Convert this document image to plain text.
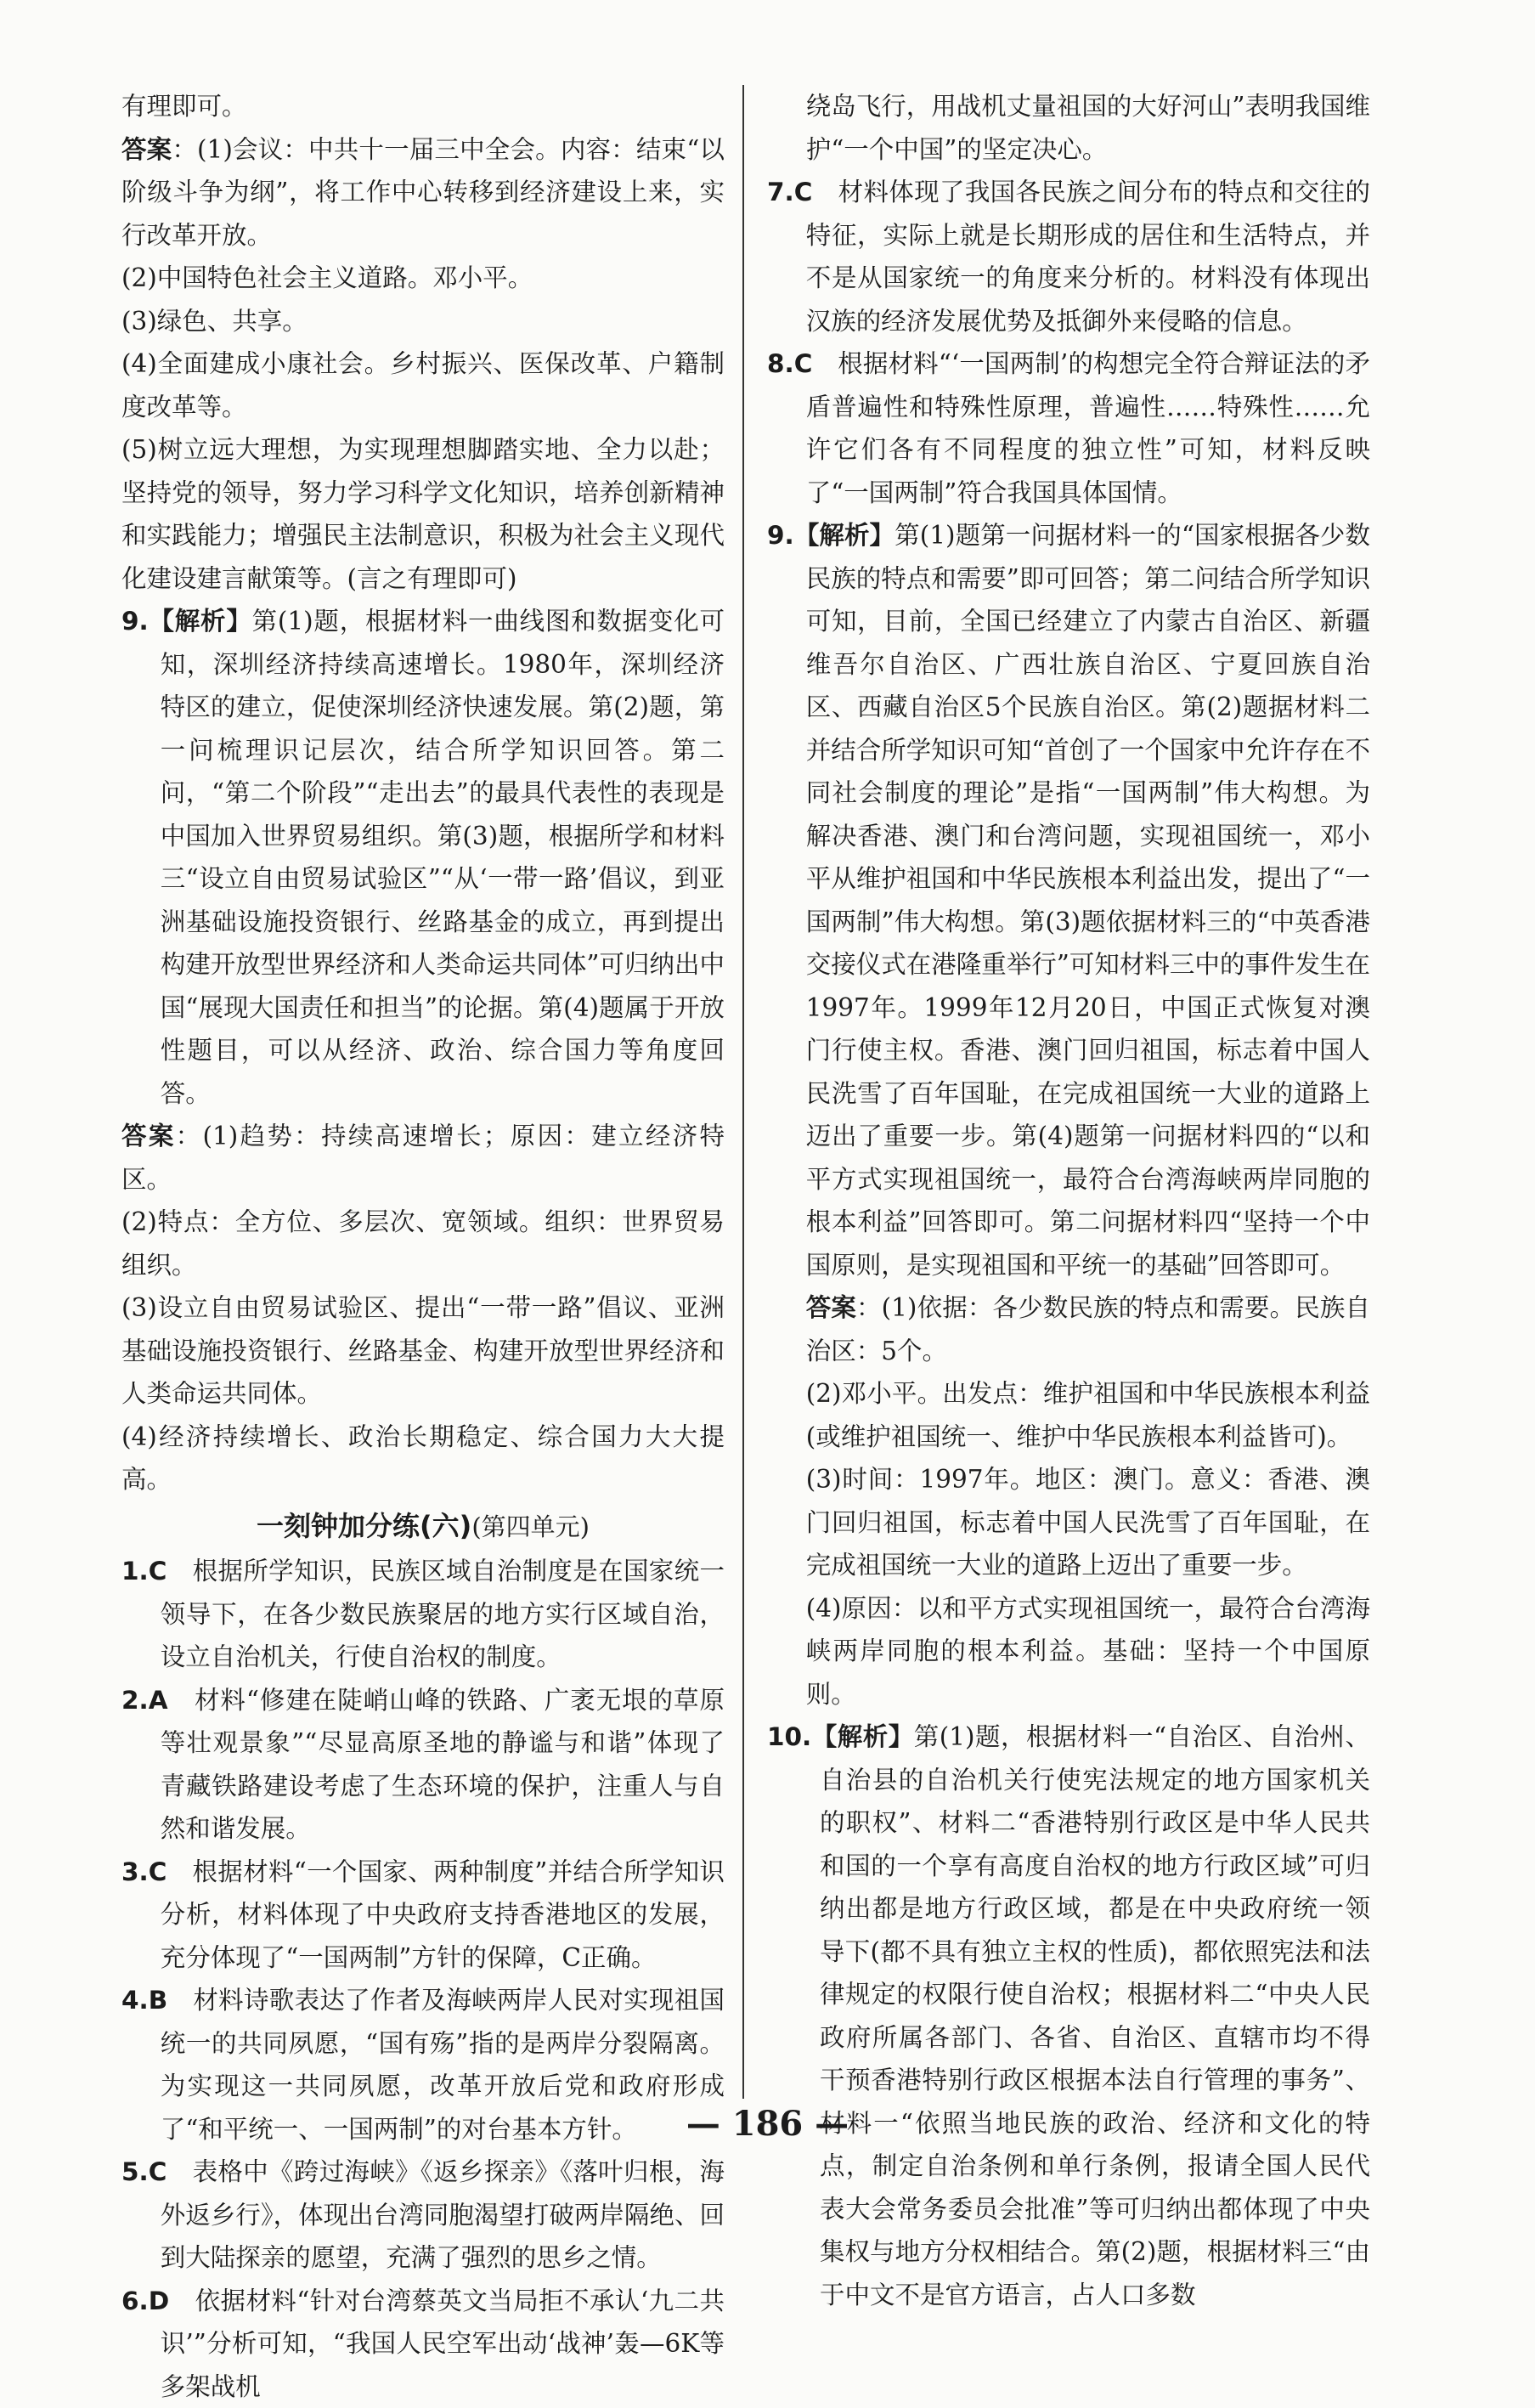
有理即可。

答案：(1)会议：中共十一届三中全会。内容：结束“以阶级斗争为纲”，将工作中心转移到经济建设上来，实行改革开放。

(2)中国特色社会主义道路。邓小平。

(3)绿色、共享。

(4)全面建成小康社会。乡村振兴、医保改革、户籍制度改革等。

(5)树立远大理想，为实现理想脚踏实地、全力以赴；坚持党的领导，努力学习科学文化知识，培养创新精神和实践能力；增强民主法制意识，积极为社会主义现代化建设建言献策等。(言之有理即可)

9.【解析】第(1)题，根据材料一曲线图和数据变化可知，深圳经济持续高速增长。1980年，深圳经济特区的建立，促使深圳经济快速发展。第(2)题，第一问梳理识记层次，结合所学知识回答。第二问，“第二个阶段”“走出去”的最具代表性的表现是中国加入世界贸易组织。第(3)题，根据所学和材料三“设立自由贸易试验区”“从‘一带一路’倡议，到亚洲基础设施投资银行、丝路基金的成立，再到提出构建开放型世界经济和人类命运共同体”可归纳出中国“展现大国责任和担当”的论据。第(4)题属于开放性题目，可以从经济、政治、综合国力等角度回答。

答案：(1)趋势：持续高速增长；原因：建立经济特区。

(2)特点：全方位、多层次、宽领域。组织：世界贸易组织。

(3)设立自由贸易试验区、提出“一带一路”倡议、亚洲基础设施投资银行、丝路基金、构建开放型世界经济和人类命运共同体。

(4)经济持续增长、政治长期稳定、综合国力大大提高。

一刻钟加分练(六)(第四单元)

1.C　 根据所学知识，民族区域自治制度是在国家统一领导下，在各少数民族聚居的地方实行区域自治，设立自治机关，行使自治权的制度。

2.A　 材料“修建在陡峭山峰的铁路、广袤无垠的草原等壮观景象”“尽显高原圣地的静谧与和谐”体现了青藏铁路建设考虑了生态环境的保护，注重人与自然和谐发展。

3.C　 根据材料“一个国家、两种制度”并结合所学知识分析，材料体现了中央政府支持香港地区的发展，充分体现了“一国两制”方针的保障，C正确。

4.B　 材料诗歌表达了作者及海峡两岸人民对实现祖国统一的共同夙愿，“国有殇”指的是两岸分裂隔离。为实现这一共同夙愿，改革开放后党和政府形成了“和平统一、一国两制”的对台基本方针。

5.C　 表格中《跨过海峡》《返乡探亲》《落叶归根，海外返乡行》，体现出台湾同胞渴望打破两岸隔绝、回到大陆探亲的愿望，充满了强烈的思乡之情。

6.D　 依据材料“针对台湾蔡英文当局拒不承认‘九二共识’”分析可知，“我国人民空军出动‘战神’轰—6K等多架战机

绕岛飞行，用战机丈量祖国的大好河山”表明我国维护“一个中国”的坚定决心。

7.C　 材料体现了我国各民族之间分布的特点和交往的特征，实际上就是长期形成的居住和生活特点，并不是从国家统一的角度来分析的。材料没有体现出汉族的经济发展优势及抵御外来侵略的信息。

8.C　 根据材料“‘一国两制’的构想完全符合辩证法的矛盾普遍性和特殊性原理，普遍性……特殊性……允许它们各有不同程度的独立性”可知，材料反映了“一国两制”符合我国具体国情。

9.【解析】第(1)题第一问据材料一的“国家根据各少数民族的特点和需要”即可回答；第二问结合所学知识可知，目前，全国已经建立了内蒙古自治区、新疆维吾尔自治区、广西壮族自治区、宁夏回族自治区、西藏自治区5个民族自治区。第(2)题据材料二并结合所学知识可知“首创了一个国家中允许存在不同社会制度的理论”是指“一国两制”伟大构想。为解决香港、澳门和台湾问题，实现祖国统一，邓小平从维护祖国和中华民族根本利益出发，提出了“一国两制”伟大构想。第(3)题依据材料三的“中英香港交接仪式在港隆重举行”可知材料三中的事件发生在1997年。1999年12月20日，中国正式恢复对澳门行使主权。香港、澳门回归祖国，标志着中国人民洗雪了百年国耻，在完成祖国统一大业的道路上迈出了重要一步。第(4)题第一问据材料四的“以和平方式实现祖国统一，最符合台湾海峡两岸同胞的根本利益”回答即可。第二问据材料四“坚持一个中国原则，是实现祖国和平统一的基础”回答即可。

答案：(1)依据：各少数民族的特点和需要。民族自治区：5个。

(2)邓小平。出发点：维护祖国和中华民族根本利益(或维护祖国统一、维护中华民族根本利益皆可)。

(3)时间：1997年。地区：澳门。意义：香港、澳门回归祖国，标志着中国人民洗雪了百年国耻，在完成祖国统一大业的道路上迈出了重要一步。

(4)原因：以和平方式实现祖国统一，最符合台湾海峡两岸同胞的根本利益。基础：坚持一个中国原则。

10.【解析】第(1)题，根据材料一“自治区、自治州、自治县的自治机关行使宪法规定的地方国家机关的职权”、材料二“香港特别行政区是中华人民共和国的一个享有高度自治权的地方行政区域”可归纳出都是地方行政区域，都是在中央政府统一领导下(都不具有独立主权的性质)，都依照宪法和法律规定的权限行使自治权；根据材料二“中央人民政府所属各部门、各省、自治区、直辖市均不得干预香港特别行政区根据本法自行管理的事务”、材料一“依照当地民族的政治、经济和文化的特点，制定自治条例和单行条例，报请全国人民代表大会常务委员会批准”等可归纳出都体现了中央集权与地方分权相结合。第(2)题，根据材料三“由于中文不是官方语言，占人口多数

— 186 —
